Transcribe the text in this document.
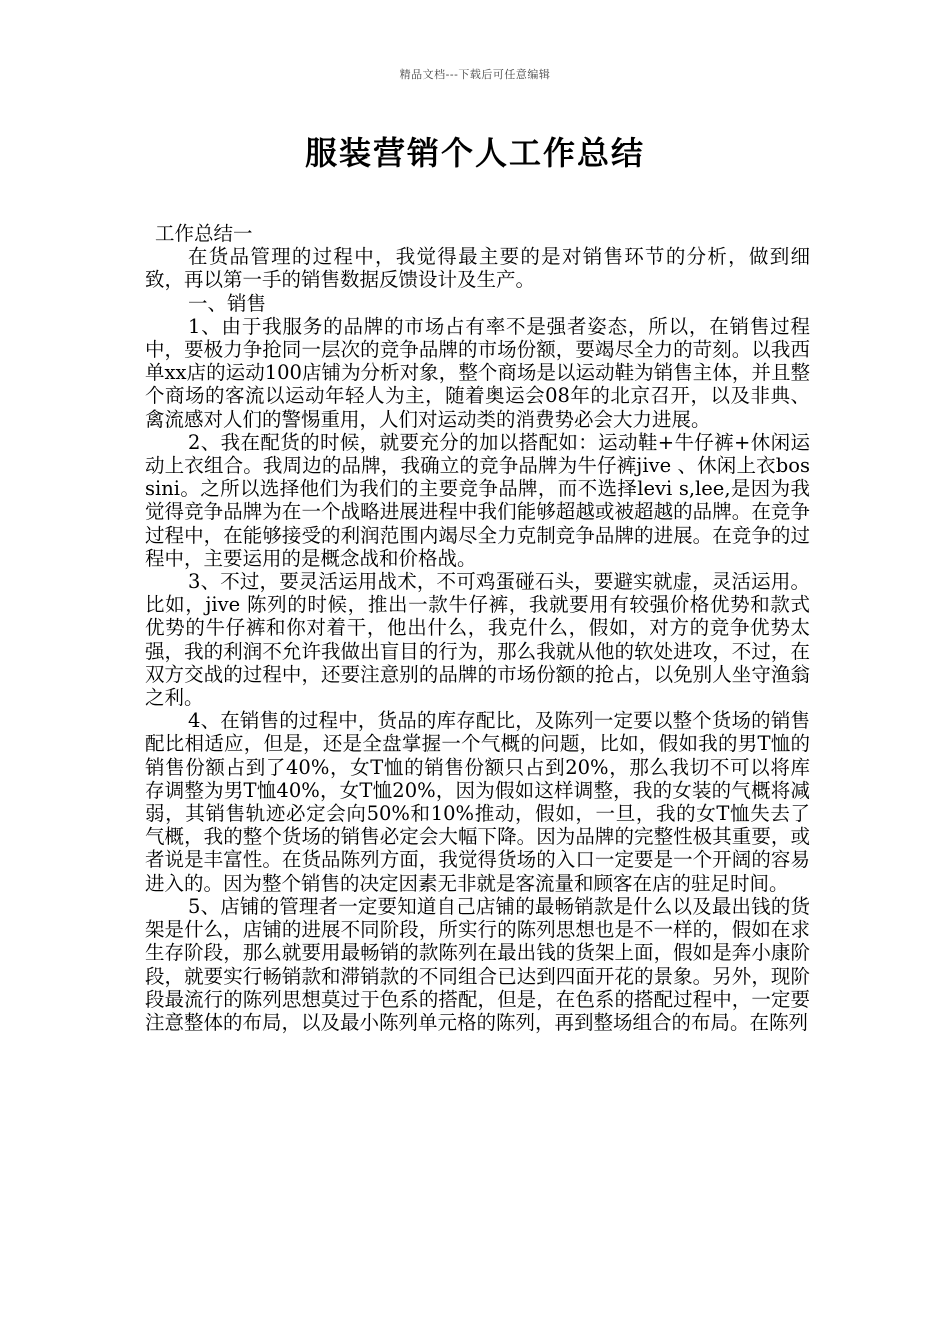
精品文档---下载后可任意编辑
服装营销个人工作总结

工作总结一

在货品管理的过程中，我觉得最主要的是对销售环节的分析，做到细致，再以第一手的销售数据反馈设计及生产。

一、销售

1、由于我服务的品牌的市场占有率不是强者姿态，所以，在销售过程中，要极力争抢同一层次的竞争品牌的市场份额，要竭尽全力的苛刻。以我西单xx店的运动100店铺为分析对象，整个商场是以运动鞋为销售主体，并且整个商场的客流以运动年轻人为主，随着奥运会08年的北京召开，以及非典、禽流感对人们的警惕重用，人们对运动类的消费势必会大力进展。

2、我在配货的时候，就要充分的加以搭配如：运动鞋+牛仔裤+休闲运动上衣组合。我周边的品牌，我确立的竞争品牌为牛仔裤jive 、休闲上衣bossini。之所以选择他们为我们的主要竞争品牌，而不选择levi s,lee,是因为我觉得竞争品牌为在一个战略进展进程中我们能够超越或被超越的品牌。在竞争过程中，在能够接受的利润范围内竭尽全力克制竞争品牌的进展。在竞争的过程中，主要运用的是概念战和价格战。

3、不过，要灵活运用战术，不可鸡蛋碰石头，要避实就虚，灵活运用。比如，jive 陈列的时候，推出一款牛仔裤，我就要用有较强价格优势和款式优势的牛仔裤和你对着干，他出什么，我克什么，假如，对方的竞争优势太强，我的利润不允许我做出盲目的行为，那么我就从他的软处进攻，不过，在双方交战的过程中，还要注意别的品牌的市场份额的抢占，以免别人坐守渔翁之利。

4、在销售的过程中，货品的库存配比，及陈列一定要以整个货场的销售配比相适应，但是，还是全盘掌握一个气概的问题，比如，假如我的男T恤的销售份额占到了40%，女T恤的销售份额只占到20%，那么我切不可以将库存调整为男T恤40%，女T恤20%，因为假如这样调整，我的女装的气概将减弱，其销售轨迹必定会向50%和10%推动，假如，一旦，我的女T恤失去了气概，我的整个货场的销售必定会大幅下降。因为品牌的完整性极其重要，或者说是丰富性。在货品陈列方面，我觉得货场的入口一定要是一个开阔的容易进入的。因为整个销售的决定因素无非就是客流量和顾客在店的驻足时间。

5、店铺的管理者一定要知道自己店铺的最畅销款是什么以及最出钱的货架是什么，店铺的进展不同阶段，所实行的陈列思想也是不一样的，假如在求生存阶段，那么就要用最畅销的款陈列在最出钱的货架上面，假如是奔小康阶段，就要实行畅销款和滞销款的不同组合已达到四面开花的景象。另外，现阶段最流行的陈列思想莫过于色系的搭配，但是，在色系的搭配过程中，一定要注意整体的布局，以及最小陈列单元格的陈列，再到整场组合的布局。在陈列
